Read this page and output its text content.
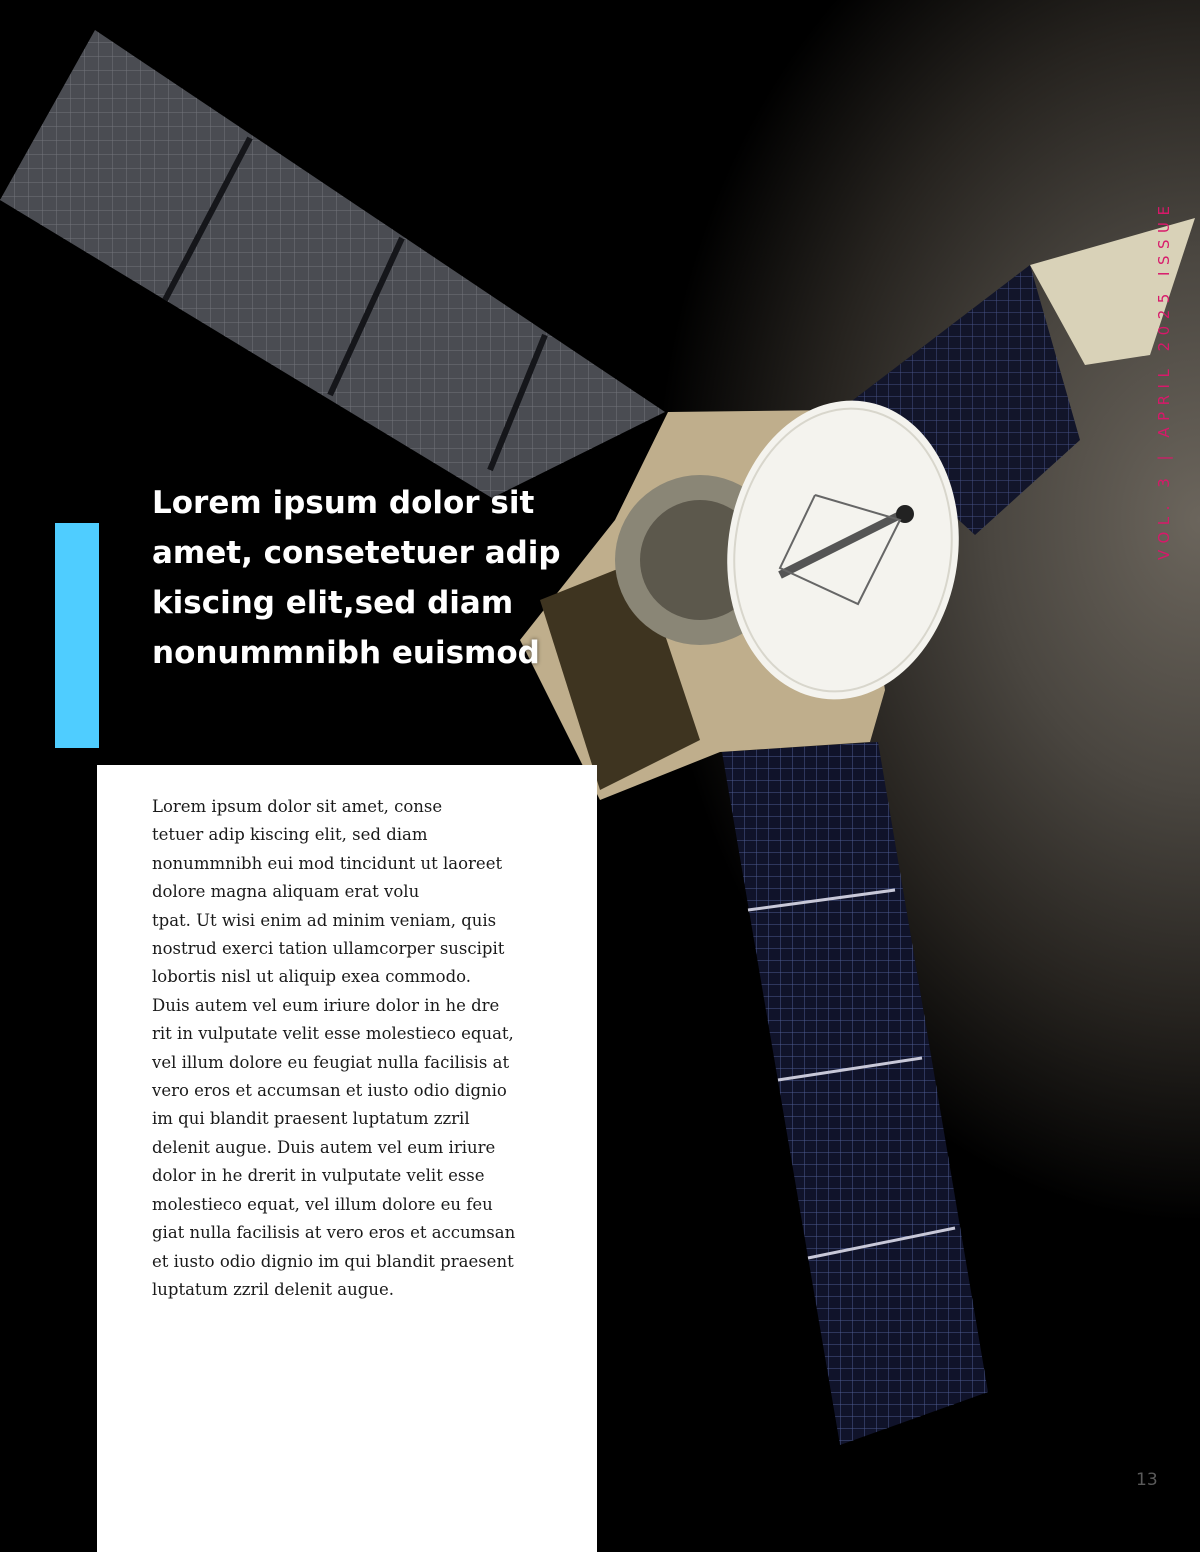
Lorem ipsum dolor sit amet, consetetuer adip kiscing elit,sed diam nonummnibh euismod

Lorem ipsum dolor sit amet, conse
tetuer adip kiscing elit, sed diam
nonummnibh eui mod tincidunt ut laoreet
dolore magna aliquam erat volu
tpat. Ut wisi enim ad minim veniam, quis
nostrud exerci tation ullamcorper suscipit
lobortis nisl ut aliquip exea commodo.
Duis autem vel eum iriure dolor in he dre
rit in vulputate velit esse molestieco equat,
vel illum dolore eu feugiat nulla facilisis at
vero eros et accumsan et iusto odio dignio
im qui blandit praesent luptatum zzril
delenit augue. Duis autem vel eum iriure
dolor in he drerit in vulputate velit esse
molestieco equat, vel illum dolore eu feu
giat nulla facilisis at vero eros et accumsan
et iusto odio dignio im qui blandit praesent
luptatum zzril delenit augue.

VOL. 3 | APRIL 2025 ISSUE
13
